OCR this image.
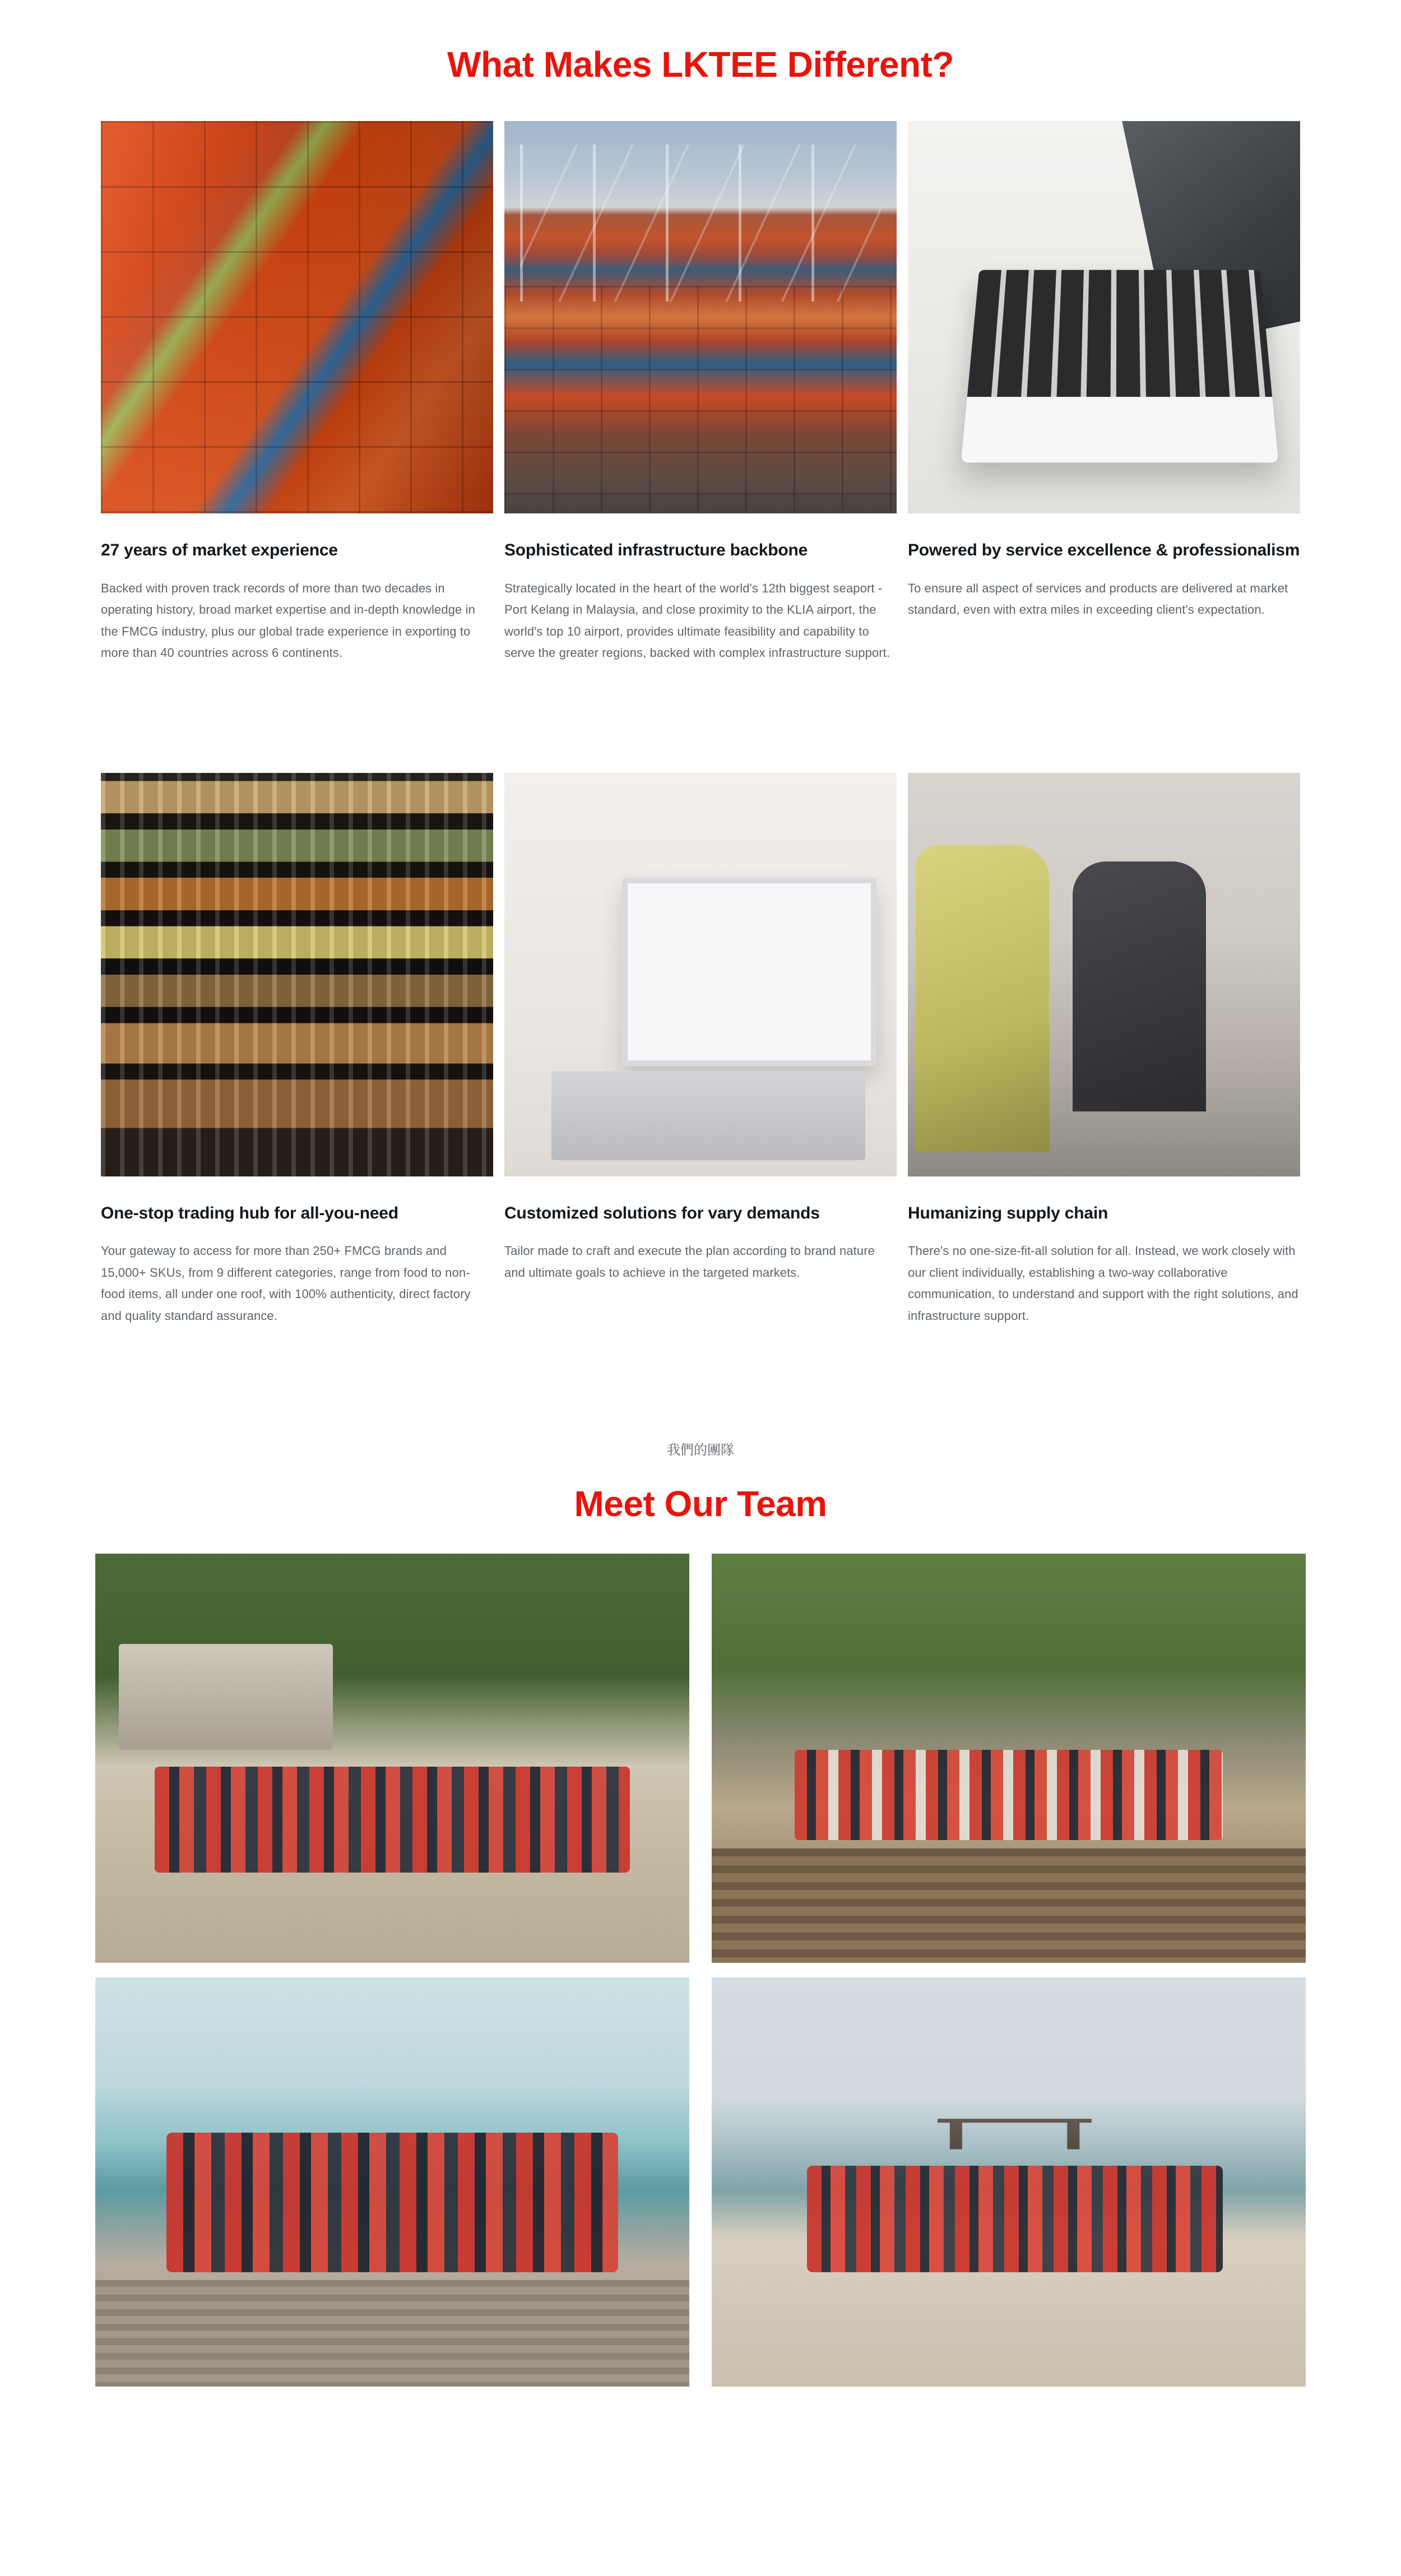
What Makes LKTEE Different?
27 years of market experience
Backed with proven track records of more than two decades in operating history, broad market expertise and in-depth knowledge in the FMCG industry, plus our global trade experience in exporting to more than 40 countries across 6 continents.
Sophisticated infrastructure backbone
Strategically located in the heart of the world's 12th biggest seaport - Port Kelang in Malaysia, and close proximity to the KLIA airport, the world's top 10 airport, provides ultimate feasibility and capability to serve the greater regions, backed with complex infrastructure support.
Powered by service excellence & professionalism
To ensure all aspect of services and products are delivered at market standard, even with extra miles in exceeding client's expectation.
One-stop trading hub for all-you-need
Your gateway to access for more than 250+ FMCG brands and 15,000+ SKUs, from 9 different categories, range from food to non-food items, all under one roof, with 100% authenticity, direct factory and quality standard assurance.
Customized solutions for vary demands
Tailor made to craft and execute the plan according to brand nature and ultimate goals to achieve in the targeted markets.
Humanizing supply chain
There's no one-size-fit-all solution for all. Instead, we work closely with our client individually, establishing a two-way collaborative communication, to understand and support with the right solutions, and infrastructure support.
我們的團隊
Meet Our Team
